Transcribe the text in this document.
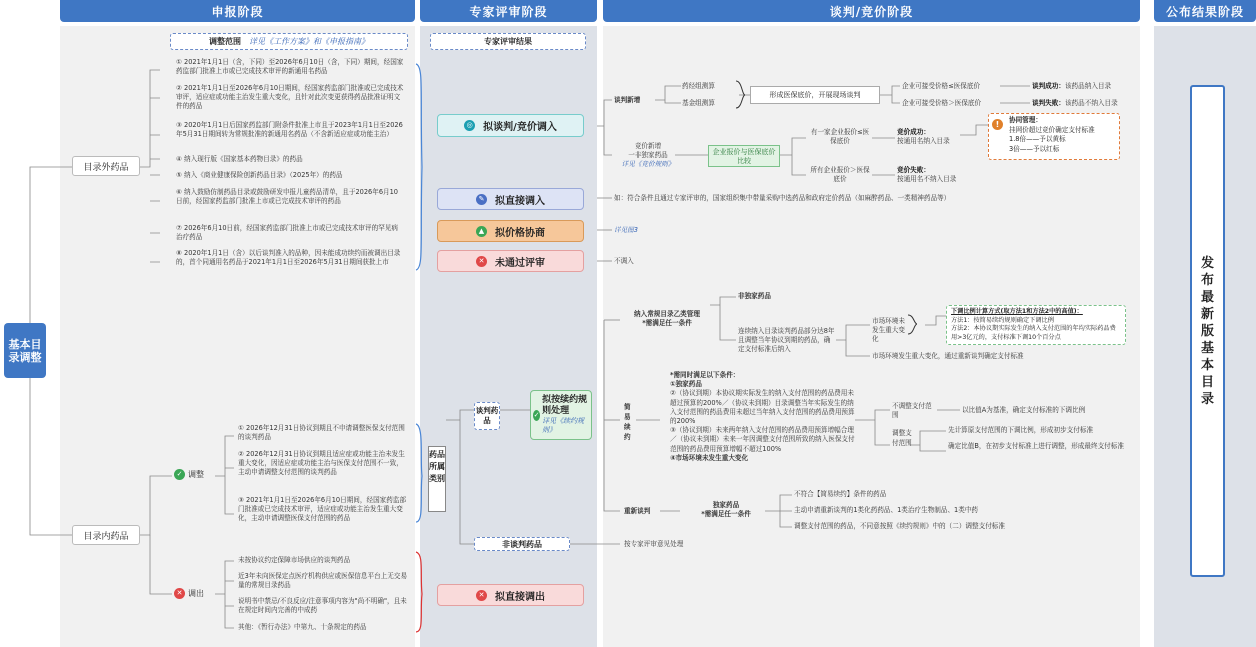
申报阶段	专家评审阶段	谈判/竞价阶段	公布结果阶段
基本目录调整
调整范围 详见《工作方案》和《申报指南》
目录外药品
目录内药品
① 2021年1月1日（含，下同）至2026年6月10日（含，下同）期间，经国家药监部门批准上市或已完成技术审评的新通用名药品
② 2021年1月1日至2026年6月10日期间，经国家药监部门批准或已完成技术审评，适应症或功能主治发生重大变化，且针对此次变更获得药品批准证明文件的药品
③ 2020年1月1日后国家药监部门附条件批准上市且于2023年1月1日至2026年5月31日期间转为常规批准的新通用名药品（不含新适应症或功能主治）
④ 纳入现行版《国家基本药物目录》的药品
⑤ 纳入《商业健康保险创新药品目录》（2025年）的药品
⑥ 纳入鼓励仿制药品目录或鼓励研发申报儿童药品清单，且于2026年6月10日前，经国家药监部门批准上市或已完成技术审评的药品
⑦ 2026年6月10日前，经国家药监部门批准上市或已完成技术审评的罕见病治疗药品
⑧ 2020年1月1日（含）以后谈判准入的品种，因未能成功续约而被调出目录的，首个同通用名药品于2021年1月1日至2026年5月31日期间获批上市
✓ 调整
① 2026年12月31日协议到期且不申请调整医保支付范围的谈判药品
② 2026年12月31日协议到期且适应症或功能主治未发生重大变化，因适应症或功能主治与医保支付范围不一致，主动申请调整支付范围的谈判药品
③ 2021年1月1日至2026年6月10日期间，经国家药监部门批准或已完成技术审评，适应症或功能主治发生重大变化，主动申请调整医保支付范围的药品
✕ 调出
未按协议约定保障市场供应的谈判药品
近3年未向医保定点医疗机构供应或医保信息平台上无交易量的常规目录药品
说明书中禁忌/不良反应/注意事项内容为"尚不明确"，且未在规定时间内完善的中成药
其他：《暂行办法》中第九、十条规定的药品
专家评审结果
◎ 拟谈判/竞价调入
✎ 拟直接调入
▲ 拟价格协商
✕ 未通过评审
药品所属类别
谈判药品
✓
拟按续约规则处理
详见《续约规则》
非谈判药品
✕ 拟直接调出
谈判新增
药经组测算
基金组测算
形成医保底价，开展现场谈判
企业可接受价格≤医保底价
企业可接受价格＞医保底价
谈判成功：该药品纳入目录
谈判失败：该药品不纳入目录
竞价新增
一非独家药品
详见《竞价规则》
企业报价与医保底价比较
有一家企业报价≤医保底价
所有企业报价＞医保底价
竞价成功：
按通用名纳入目录
竞价失败：
按通用名不纳入目录
!	协同管理：
挂网价超过竞价确定支付标准
1.8倍——予以黄标
3倍——予以红标
如：符合条件且通过专家评审的，国家组织集中带量采购中选药品和政府定价药品（如麻醉药品、一类精神药品等）
详见图3
不调入
纳入常规目录乙类管理
*需满足任一条件
非独家药品
连续纳入目录谈判药品部分达8年且调整当年协议到期的药品，确定支付标准后纳入
市场环境未发生重大变化
市场环境发生重大变化，通过重新谈判确定支付标准
下调比例计算方式(取方法1和方法2中的高值)：
方法1：按简易续约规则确定下调比例
方法2：本协议期实际发生的纳入支付范围的年均实际药品费用>3亿元的，支付标准下调10个百分点
简易续约
*需同时满足以下条件：
①独家药品
②（协议到期）本协议期实际发生的纳入支付范围的药品费用未超过预算的200%／（协议未到期）目录调整当年实际发生的纳入支付范围的药品费用未超过当年纳入支付范围的药品费用预算的200%
③（协议到期）未来两年纳入支付范围的药品费用预算增幅合理／（协议未到期）未来一年因调整支付范围所致的纳入医保支付范围的药品费用预算增幅不超过100%
④市场环境未发生重大变化
不调整支付范围
以比值A为基准，确定支付标准的下调比例
调整支付范围
先计算原支付范围的下调比例，形成初步支付标准
确定比值B，在初步支付标准上进行调整，形成最终支付标准
重新谈判
独家药品
*需满足任一条件
不符合【简易续约】条件的药品
主动申请重新谈判的1类化药药品、1类治疗生物制品、1类中药
调整支付范围的药品，不同意按照《续约规则》中的（二）调整支付标准
按专家评审意见处理
发布最新版基本目录
